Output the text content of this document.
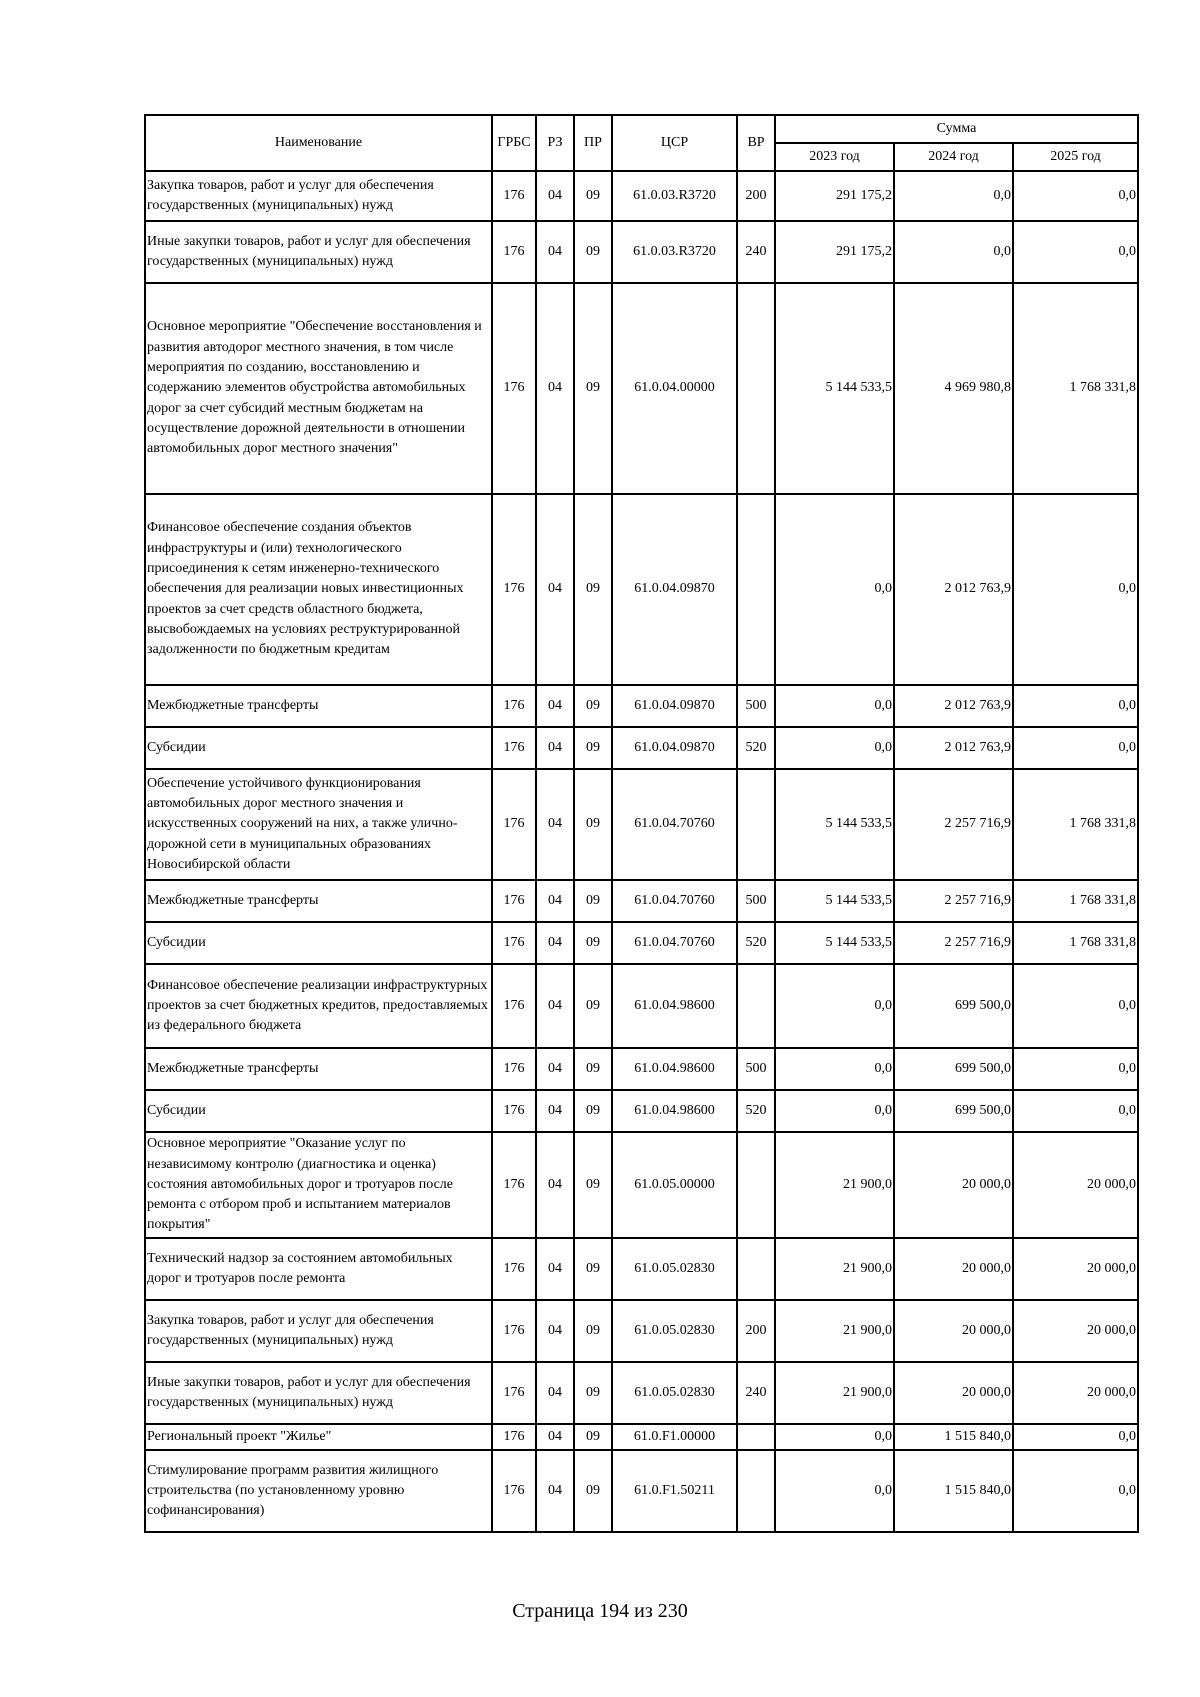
Наименование	ГРБС	РЗ	ПР	ЦСР	ВР	Сумма		
						2023 год	2024 год	2025 год
Закупка товаров, работ и услуг для обеспечения государственных (муниципальных) нужд	176	04	09	61.0.03.R3720	200	291 175,2	0,0	0,0
Иные закупки товаров, работ и услуг для обеспечения государственных (муниципальных) нужд	176	04	09	61.0.03.R3720	240	291 175,2	0,0	0,0
Основное мероприятие "Обеспечение восстановления и развития автодорог местного значения, в том числе мероприятия по созданию, восстановлению и содержанию элементов обустройства автомобильных дорог за счет субсидий местным бюджетам на осуществление дорожной деятельности в отношении автомобильных дорог местного значения"	176	04	09	61.0.04.00000		5 144 533,5	4 969 980,8	1 768 331,8
Финансовое обеспечение создания объектов инфраструктуры и (или) технологического присоединения к сетям инженерно-технического обеспечения для реализации новых инвестиционных проектов за счет средств областного бюджета, высвобождаемых на условиях реструктурированной задолженности по бюджетным кредитам	176	04	09	61.0.04.09870		0,0	2 012 763,9	0,0
Межбюджетные трансферты	176	04	09	61.0.04.09870	500	0,0	2 012 763,9	0,0
Субсидии	176	04	09	61.0.04.09870	520	0,0	2 012 763,9	0,0
Обеспечение устойчивого функционирования автомобильных дорог местного значения и искусственных сооружений на них, а также улично-дорожной сети в муниципальных образованиях Новосибирской области	176	04	09	61.0.04.70760		5 144 533,5	2 257 716,9	1 768 331,8
Межбюджетные трансферты	176	04	09	61.0.04.70760	500	5 144 533,5	2 257 716,9	1 768 331,8
Субсидии	176	04	09	61.0.04.70760	520	5 144 533,5	2 257 716,9	1 768 331,8
Финансовое обеспечение реализации инфраструктурных проектов за счет бюджетных кредитов, предоставляемых из федерального бюджета	176	04	09	61.0.04.98600		0,0	699 500,0	0,0
Межбюджетные трансферты	176	04	09	61.0.04.98600	500	0,0	699 500,0	0,0
Субсидии	176	04	09	61.0.04.98600	520	0,0	699 500,0	0,0
Основное мероприятие "Оказание услуг по независимому контролю (диагностика и оценка) состояния автомобильных дорог и тротуаров после ремонта с отбором проб и испытанием материалов покрытия"	176	04	09	61.0.05.00000		21 900,0	20 000,0	20 000,0
Технический надзор за состоянием автомобильных дорог и тротуаров после ремонта	176	04	09	61.0.05.02830		21 900,0	20 000,0	20 000,0
Закупка товаров, работ и услуг для обеспечения государственных (муниципальных) нужд	176	04	09	61.0.05.02830	200	21 900,0	20 000,0	20 000,0
Иные закупки товаров, работ и услуг для обеспечения государственных (муниципальных) нужд	176	04	09	61.0.05.02830	240	21 900,0	20 000,0	20 000,0
Региональный проект "Жилье"	176	04	09	61.0.F1.00000		0,0	1 515 840,0	0,0
Стимулирование программ развития жилищного строительства (по установленному уровню софинансирования)	176	04	09	61.0.F1.50211		0,0	1 515 840,0	0,0
Страница 194 из 230
